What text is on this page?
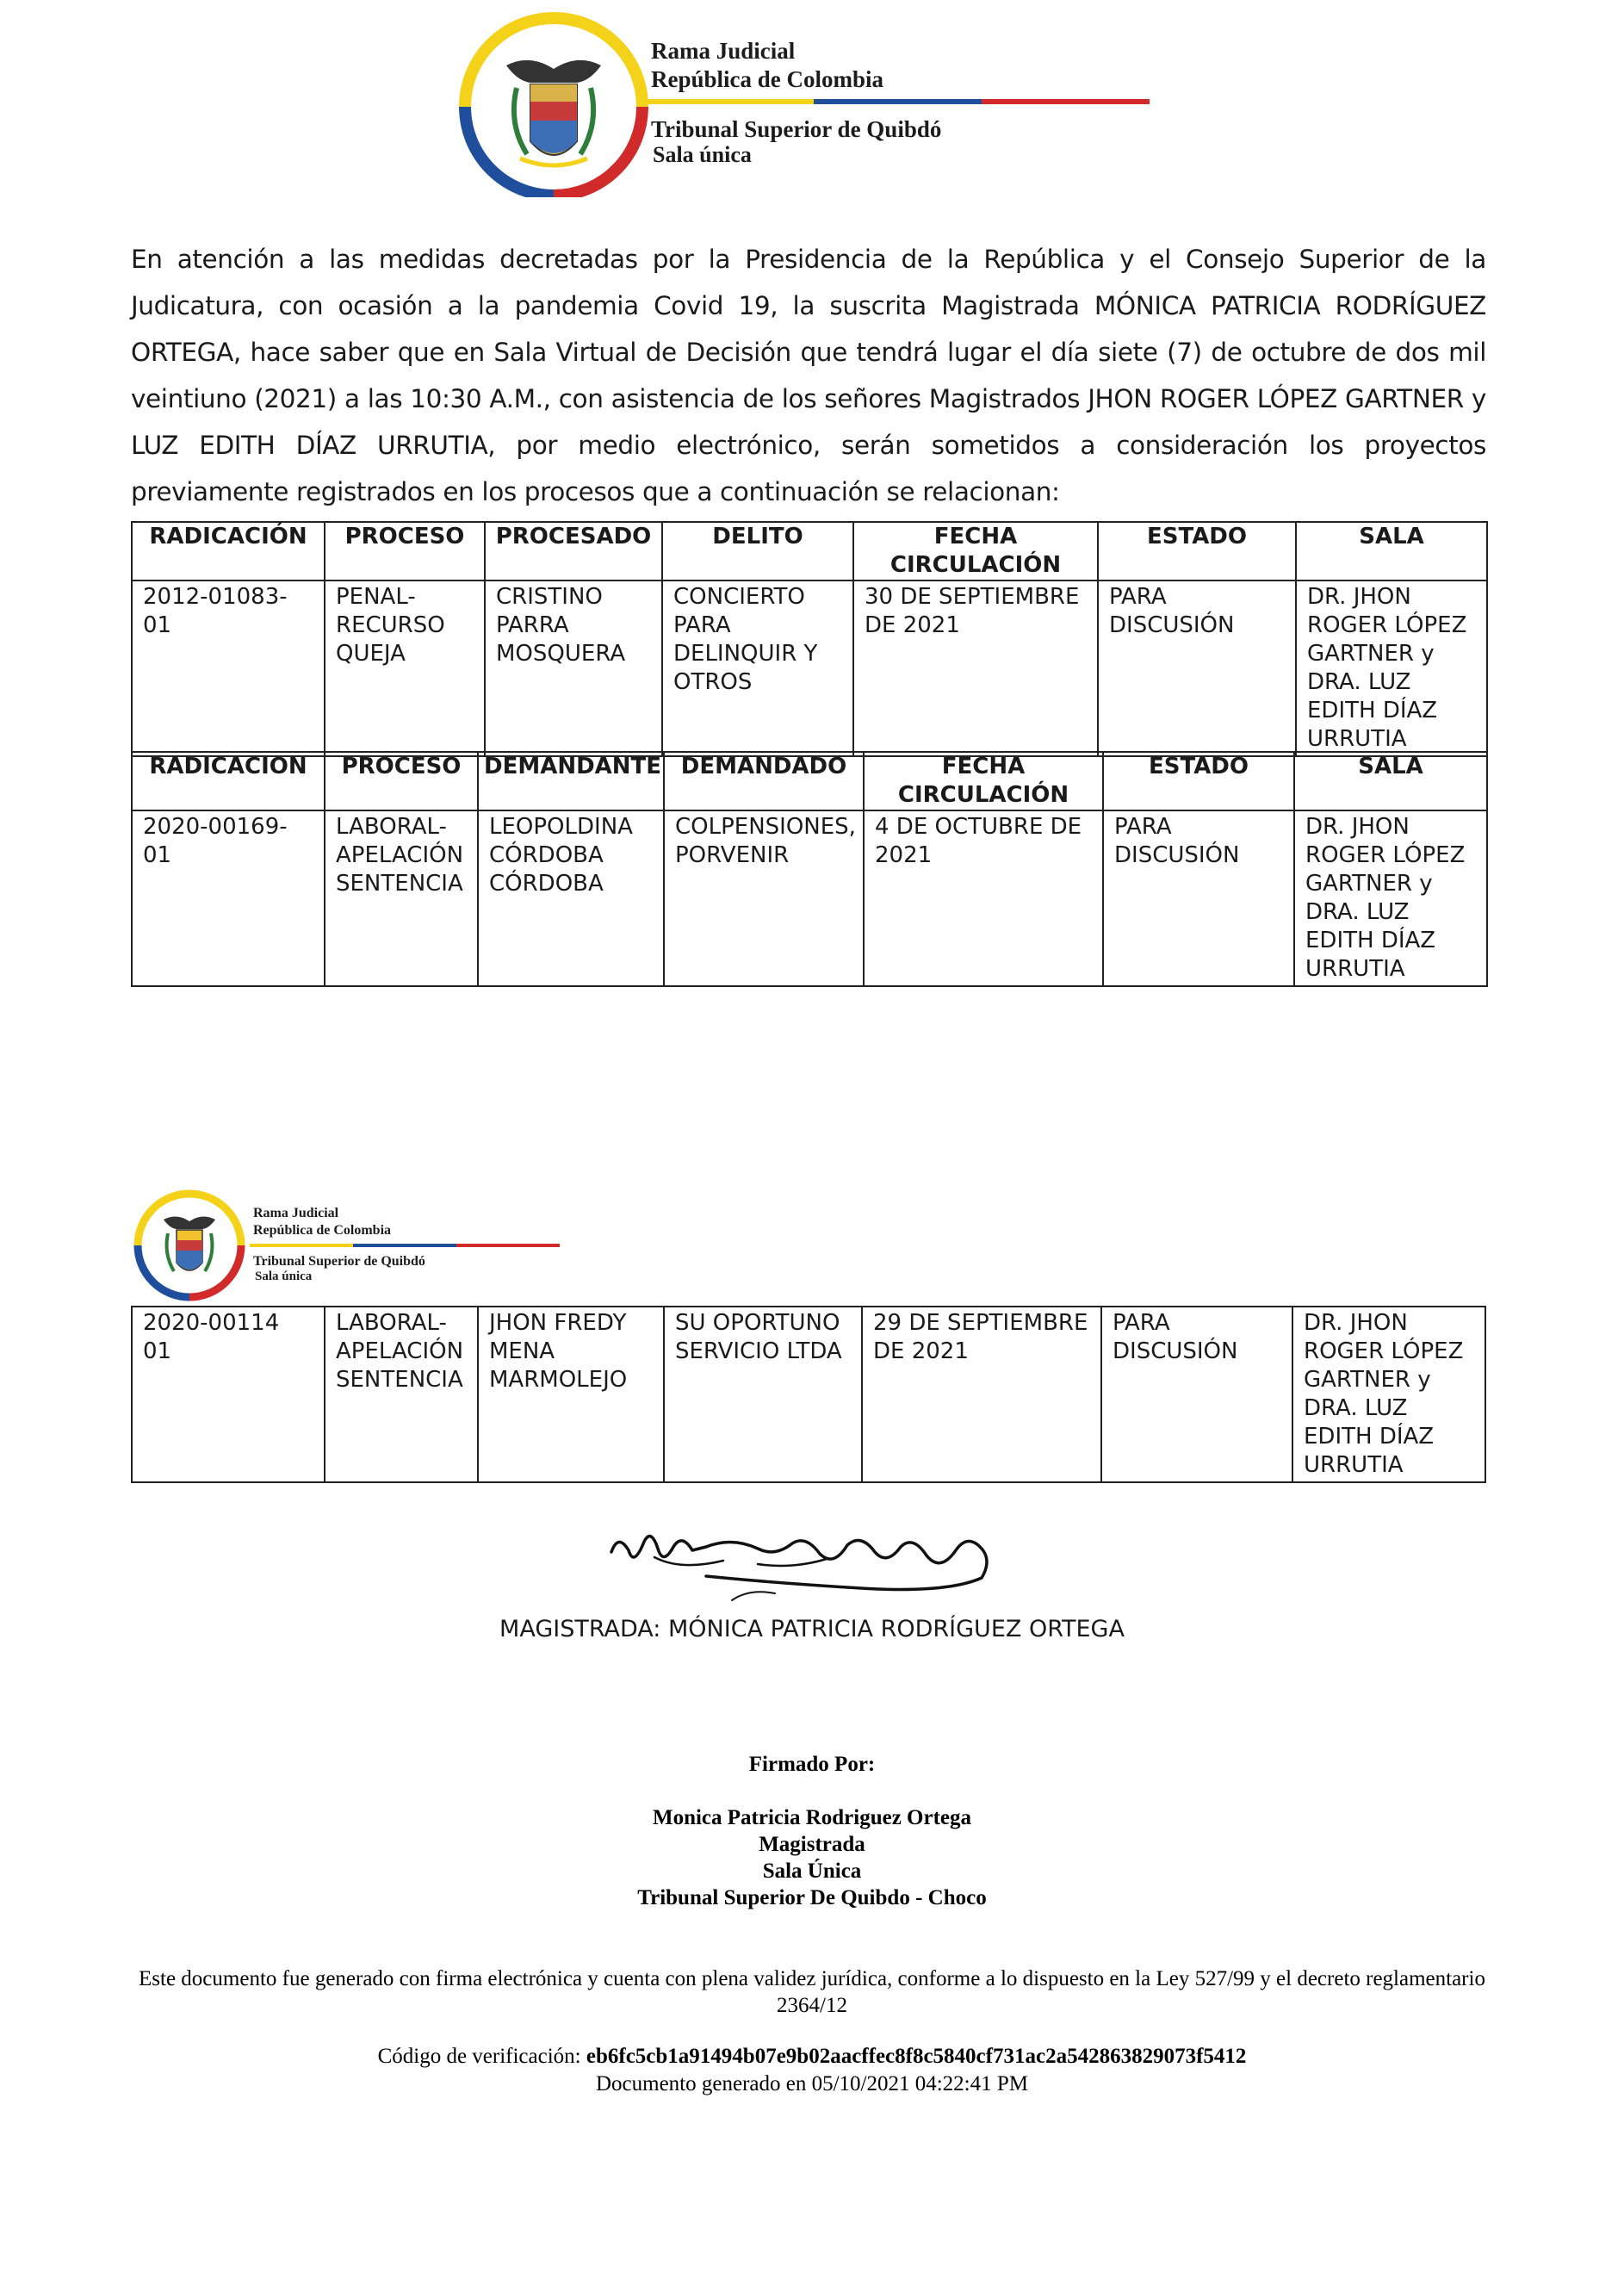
Rama Judicial
República de Colombia
Tribunal Superior de Quibdó
Sala única

En atención a las medidas decretadas por la Presidencia de la República y el Consejo Superior de la Judicatura, con ocasión a la pandemia Covid 19, la suscrita Magistrada MÓNICA PATRICIA RODRÍGUEZ ORTEGA, hace saber que en Sala Virtual de Decisión que tendrá lugar el día siete (7) de octubre de dos mil veintiuno (2021) a las 10:30 A.M., con asistencia de los señores Magistrados JHON ROGER LÓPEZ GARTNER y LUZ EDITH DÍAZ URRUTIA, por medio electrónico, serán sometidos a consideración los proyectos previamente registrados en los procesos que a continuación se relacionan:

RADICACIÓN	PROCESO	PROCESADO	DELITO	FECHA CIRCULACIÓN	ESTADO	SALA
2012-01083-01	PENAL-RECURSO QUEJA	CRISTINO PARRA MOSQUERA	CONCIERTO PARA DELINQUIR Y OTROS	30 DE SEPTIEMBRE DE 2021	PARA DISCUSIÓN	DR. JHON ROGER LÓPEZ GARTNER y DRA. LUZ EDITH DÍAZ URRUTIA
RADICACION	PROCESO	DEMANDANTE	DEMANDADO	FECHA CIRCULACIÓN	ESTADO	SALA
2020-00169-01	LABORAL-APELACIÓN SENTENCIA	LEOPOLDINA CÓRDOBA CÓRDOBA	COLPENSIONES, PORVENIR	4 DE OCTUBRE DE 2021	PARA DISCUSIÓN	DR. JHON ROGER LÓPEZ GARTNER y DRA. LUZ EDITH DÍAZ URRUTIA
Rama Judicial
República de Colombia
Tribunal Superior de Quibdó
Sala única
2020-00114 01	LABORAL-APELACIÓN SENTENCIA	JHON FREDY MENA MARMOLEJO	SU OPORTUNO SERVICIO LTDA	29 DE SEPTIEMBRE DE 2021	PARA DISCUSIÓN	DR. JHON ROGER LÓPEZ GARTNER y DRA. LUZ EDITH DÍAZ URRUTIA
MAGISTRADA: MÓNICA PATRICIA RODRÍGUEZ ORTEGA
Firmado Por:
Monica Patricia Rodriguez Ortega
Magistrada
Sala Única
Tribunal Superior De Quibdo - Choco
Este documento fue generado con firma electrónica y cuenta con plena validez jurídica, conforme a lo dispuesto en la Ley 527/99 y el decreto reglamentario 2364/12
Código de verificación: eb6fc5cb1a91494b07e9b02aacffec8f8c5840cf731ac2a542863829073f5412
Documento generado en 05/10/2021 04:22:41 PM
